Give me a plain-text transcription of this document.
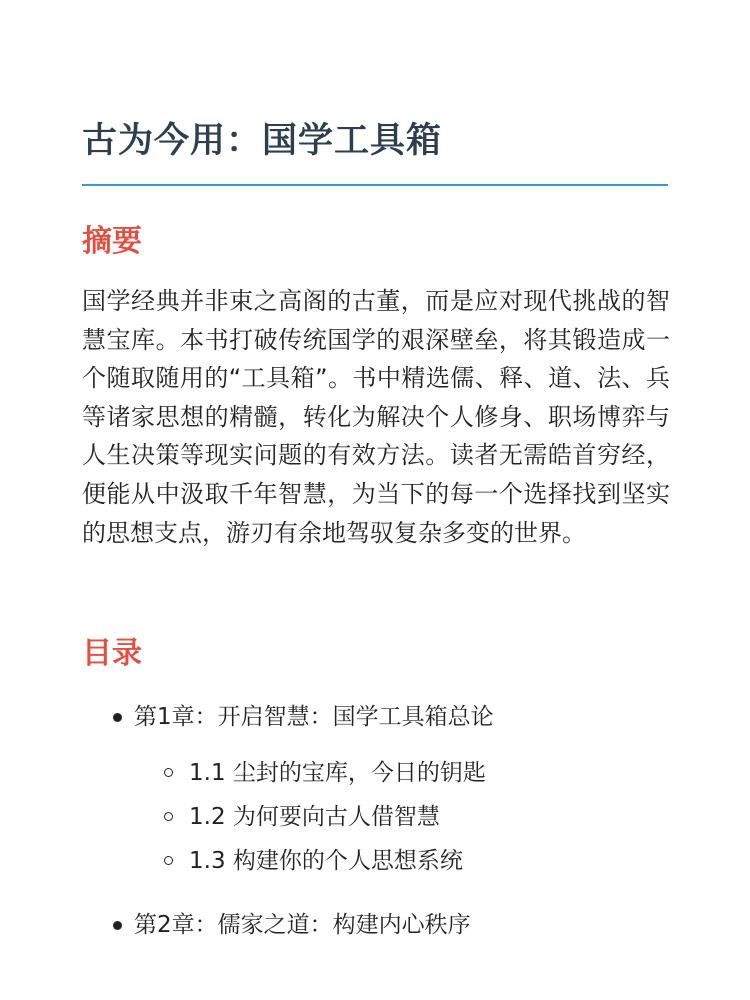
古为今用：国学工具箱
摘要

国学经典并非束之高阁的古董，而是应对现代挑战的智慧宝库。本书打破传统国学的艰深壁垒，将其锻造成一个随取随用的“工具箱”。书中精选儒、释、道、法、兵等诸家思想的精髓，转化为解决个人修身、职场博弈与人生决策等现实问题的有效方法。读者无需皓首穷经，便能从中汲取千年智慧，为当下的每一个选择找到坚实的思想支点，游刃有余地驾驭复杂多变的世界。

目录
第1章：开启智慧：国学工具箱总论
1.1 尘封的宝库，今日的钥匙
1.2 为何要向古人借智慧
1.3 构建你的个人思想系统
第2章：儒家之道：构建内心秩序
